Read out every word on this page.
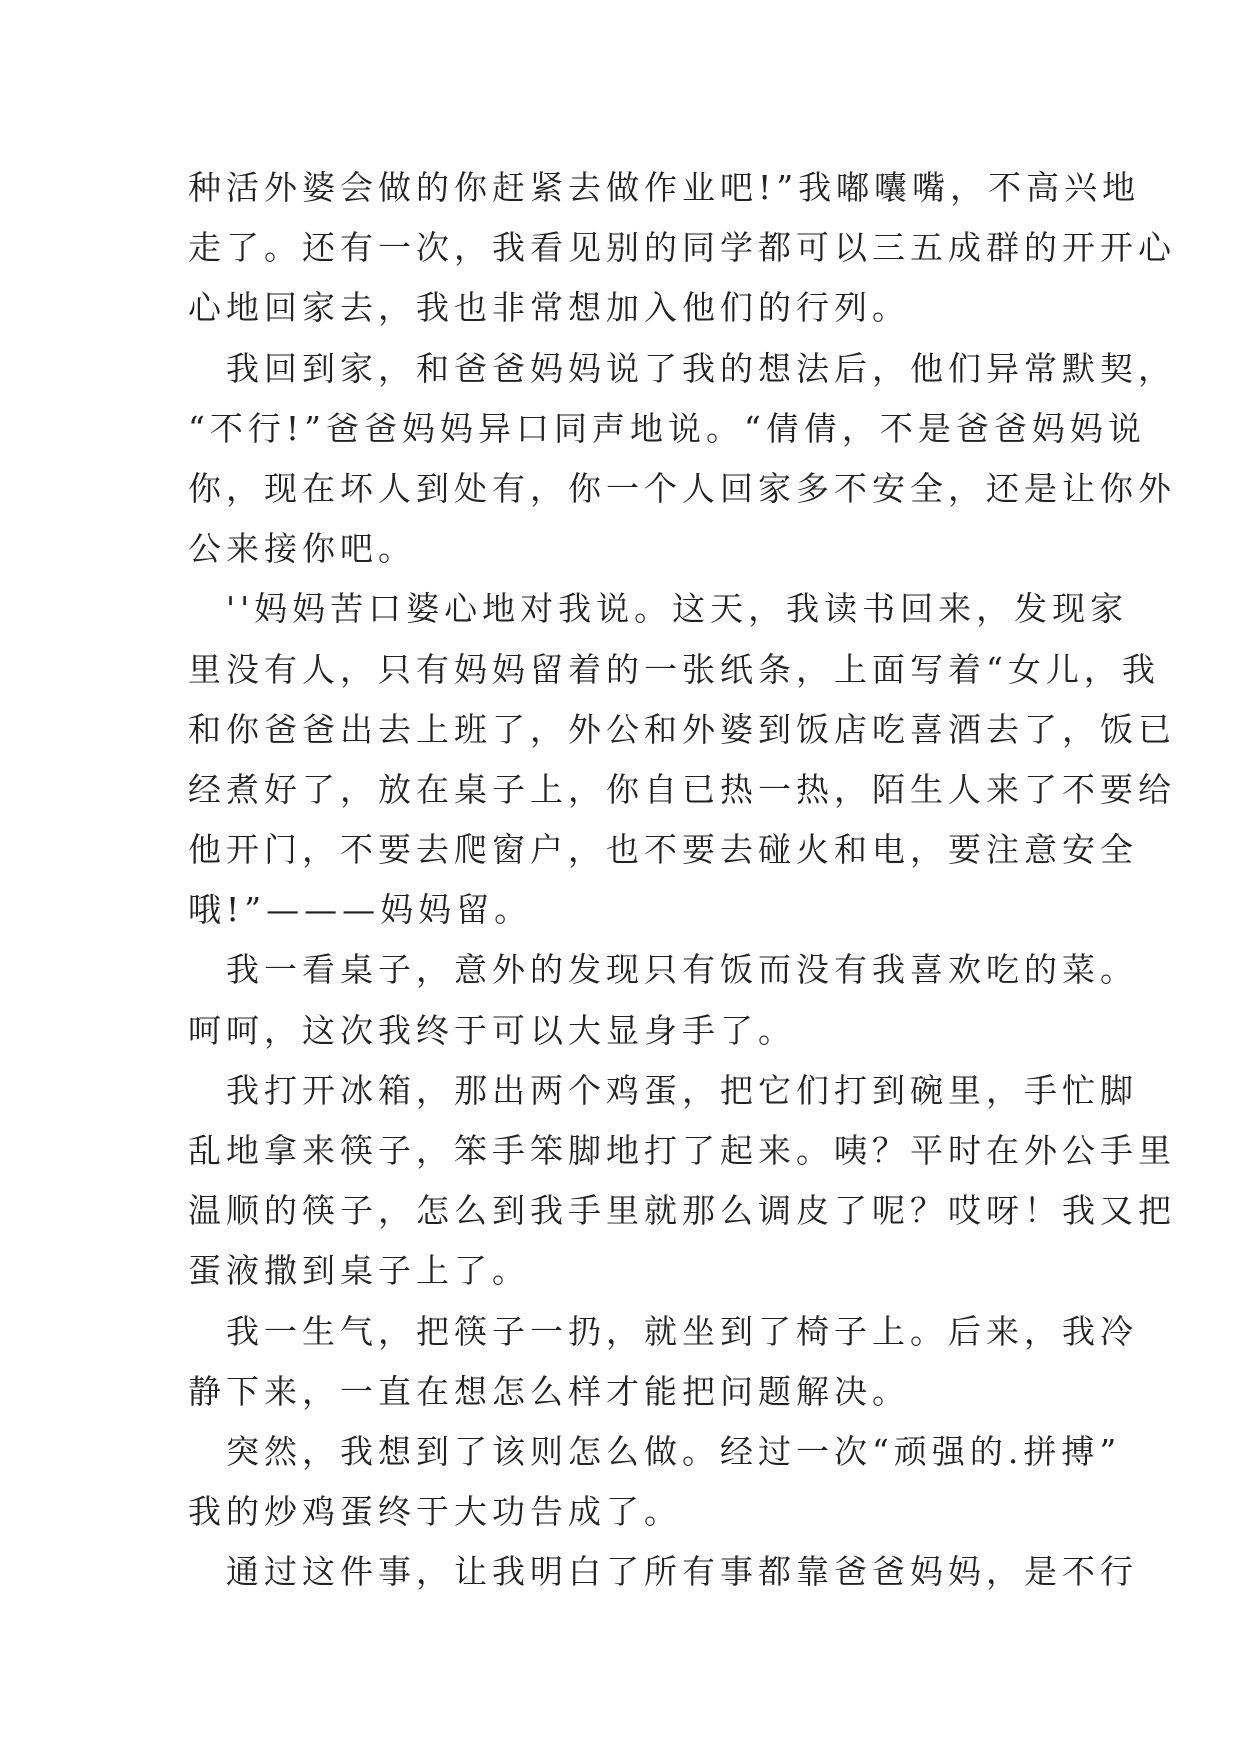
种活外婆会做的你赶紧去做作业吧!”我嘟囔嘴，不高兴地
走了。还有一次，我看见别的同学都可以三五成群的开开心
心地回家去，我也非常想加入他们的行列。
　我回到家，和爸爸妈妈说了我的想法后，他们异常默契，
“不行!”爸爸妈妈异口同声地说。“倩倩，不是爸爸妈妈说
你，现在坏人到处有，你一个人回家多不安全，还是让你外
公来接你吧。
　''妈妈苦口婆心地对我说。这天，我读书回来，发现家
里没有人，只有妈妈留着的一张纸条，上面写着“女儿，我
和你爸爸出去上班了，外公和外婆到饭店吃喜酒去了，饭已
经煮好了，放在桌子上，你自已热一热，陌生人来了不要给
他开门，不要去爬窗户，也不要去碰火和电，要注意安全
哦!”———妈妈留。
　我一看桌子，意外的发现只有饭而没有我喜欢吃的菜。
呵呵，这次我终于可以大显身手了。
　我打开冰箱，那出两个鸡蛋，把它们打到碗里，手忙脚
乱地拿来筷子，笨手笨脚地打了起来。咦？平时在外公手里
温顺的筷子，怎么到我手里就那么调皮了呢？哎呀！我又把
蛋液撒到桌子上了。
　我一生气，把筷子一扔，就坐到了椅子上。后来，我冷
静下来，一直在想怎么样才能把问题解决。
　突然，我想到了该则怎么做。经过一次“顽强的.拼搏”
我的炒鸡蛋终于大功告成了。
　通过这件事，让我明白了所有事都靠爸爸妈妈，是不行
